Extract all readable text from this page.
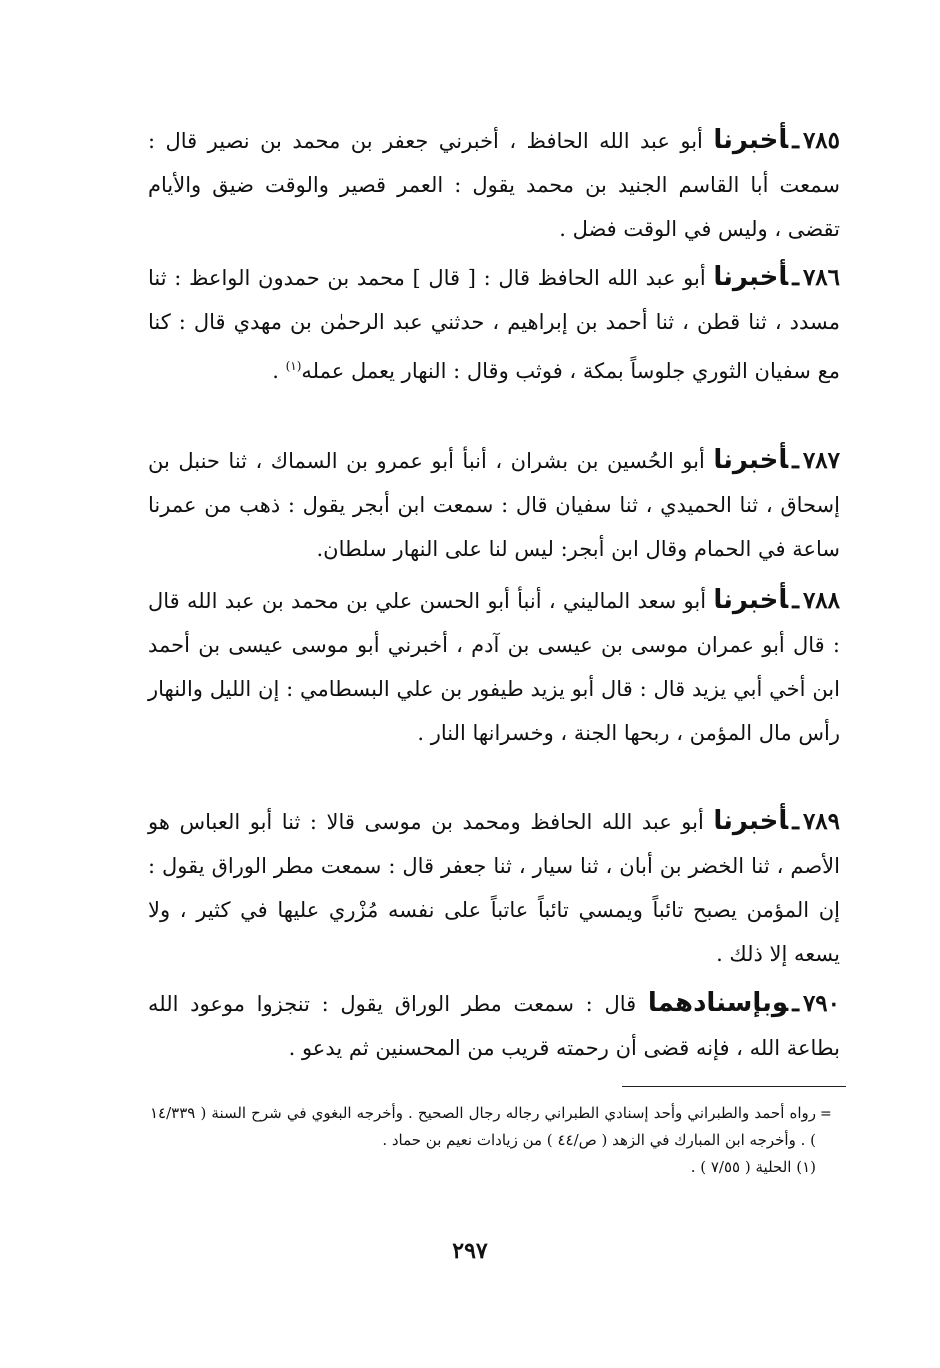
٧٨٥ـأخبرنا أبو عبد الله الحافظ ، أخبرني جعفر بن محمد بن نصير قال : سمعت أبا القاسم الجنيد بن محمد يقول : العمر قصير والوقت ضيق والأيام تقضى ، وليس في الوقت فضل .

٧٨٦ـأخبرنا أبو عبد الله الحافظ قال : [ قال ] محمد بن حمدون الواعظ : ثنا مسدد ، ثنا قطن ، ثنا أحمد بن إبراهيم ، حدثني عبد الرحمٰن بن مهدي قال : كنا مع سفيان الثوري جلوساً بمكة ، فوثب وقال : النهار يعمل عمله$^{(١)}$ .

٧٨٧ـأخبرنا أبو الحُسين بن بشران ، أنبأ أبو عمرو بن السماك ، ثنا حنبل بن إسحاق ، ثنا الحميدي ، ثنا سفيان قال : سمعت ابن أبجر يقول : ذهب من عمرنا ساعة في الحمام وقال ابن أبجر: ليس لنا على النهار سلطان.

٧٨٨ـأخبرنا أبو سعد الماليني ، أنبأ أبو الحسن علي بن محمد بن عبد الله قال : قال أبو عمران موسى بن عيسى بن آدم ، أخبرني أبو موسى عيسى بن أحمد ابن أخي أبي يزيد قال : قال أبو يزيد طيفور بن علي البسطامي : إن الليل والنهار رأس مال المؤمن ، ربحها الجنة ، وخسرانها النار .

٧٨٩ـأخبرنا أبو عبد الله الحافظ ومحمد بن موسى قالا : ثنا أبو العباس هو الأصم ، ثنا الخضر بن أبان ، ثنا سيار ، ثنا جعفر قال : سمعت مطر الوراق يقول : إن المؤمن يصبح تائباً ويمسي تائباً عاتباً على نفسه مُزْري عليها في كثير ، ولا يسعه إلا ذلك .

٧٩٠ـوبإسنادهما قال : سمعت مطر الوراق يقول : تنجزوا موعود الله بطاعة الله ، فإنه قضى أن رحمته قريب من المحسنين ثم يدعو .

=

رواه أحمد والطبراني وأحد إسنادي الطبراني رجاله رجال الصحيح . وأخرجه البغوي في شرح السنة ( ١٤/٣٣٩ ) . وأخرجه ابن المبارك في الزهد ( ص/٤٤ ) من زيادات نعيم بن حماد .

(١) الحلية ( ٧/٥٥ ) .

٢٩٧
